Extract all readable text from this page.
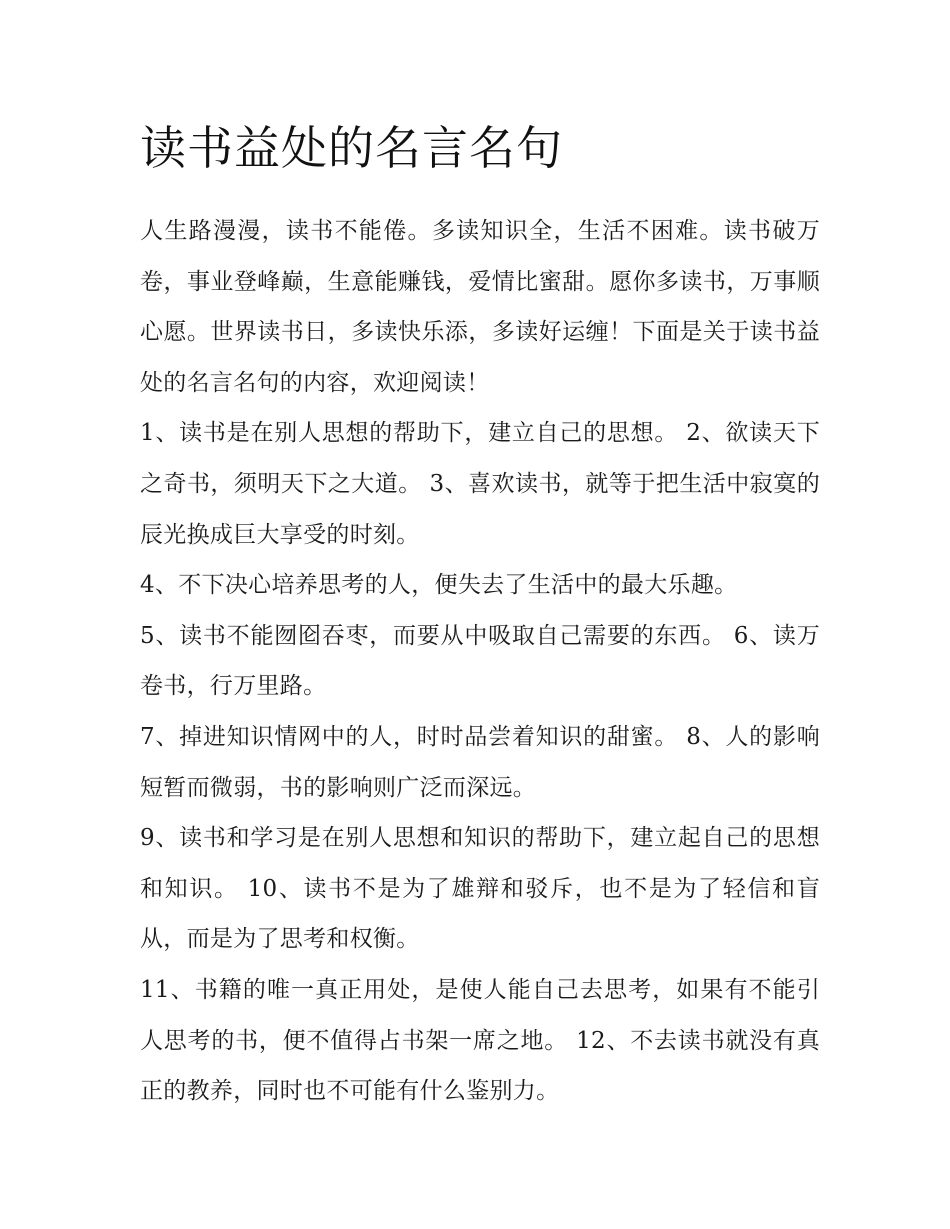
读书益处的名言名句

人生路漫漫，读书不能倦。多读知识全，生活不困难。读书破万卷，事业登峰巅，生意能赚钱，爱情比蜜甜。愿你多读书，万事顺心愿。世界读书日，多读快乐添，多读好运缠！下面是关于读书益处的名言名句的内容，欢迎阅读！

1、读书是在别人思想的帮助下，建立自己的思想。 2、欲读天下之奇书，须明天下之大道。 3、喜欢读书，就等于把生活中寂寞的辰光换成巨大享受的时刻。

4、不下决心培养思考的人，便失去了生活中的最大乐趣。

5、读书不能囫囵吞枣，而要从中吸取自己需要的东西。 6、读万卷书，行万里路。

7、掉进知识情网中的人，时时品尝着知识的甜蜜。 8、人的影响短暂而微弱，书的影响则广泛而深远。

9、读书和学习是在别人思想和知识的帮助下，建立起自己的思想和知识。 10、读书不是为了雄辩和驳斥，也不是为了轻信和盲从，而是为了思考和权衡。

11、书籍的唯一真正用处，是使人能自己去思考，如果有不能引人思考的书，便不值得占书架一席之地。 12、不去读书就没有真正的教养，同时也不可能有什么鉴别力。
